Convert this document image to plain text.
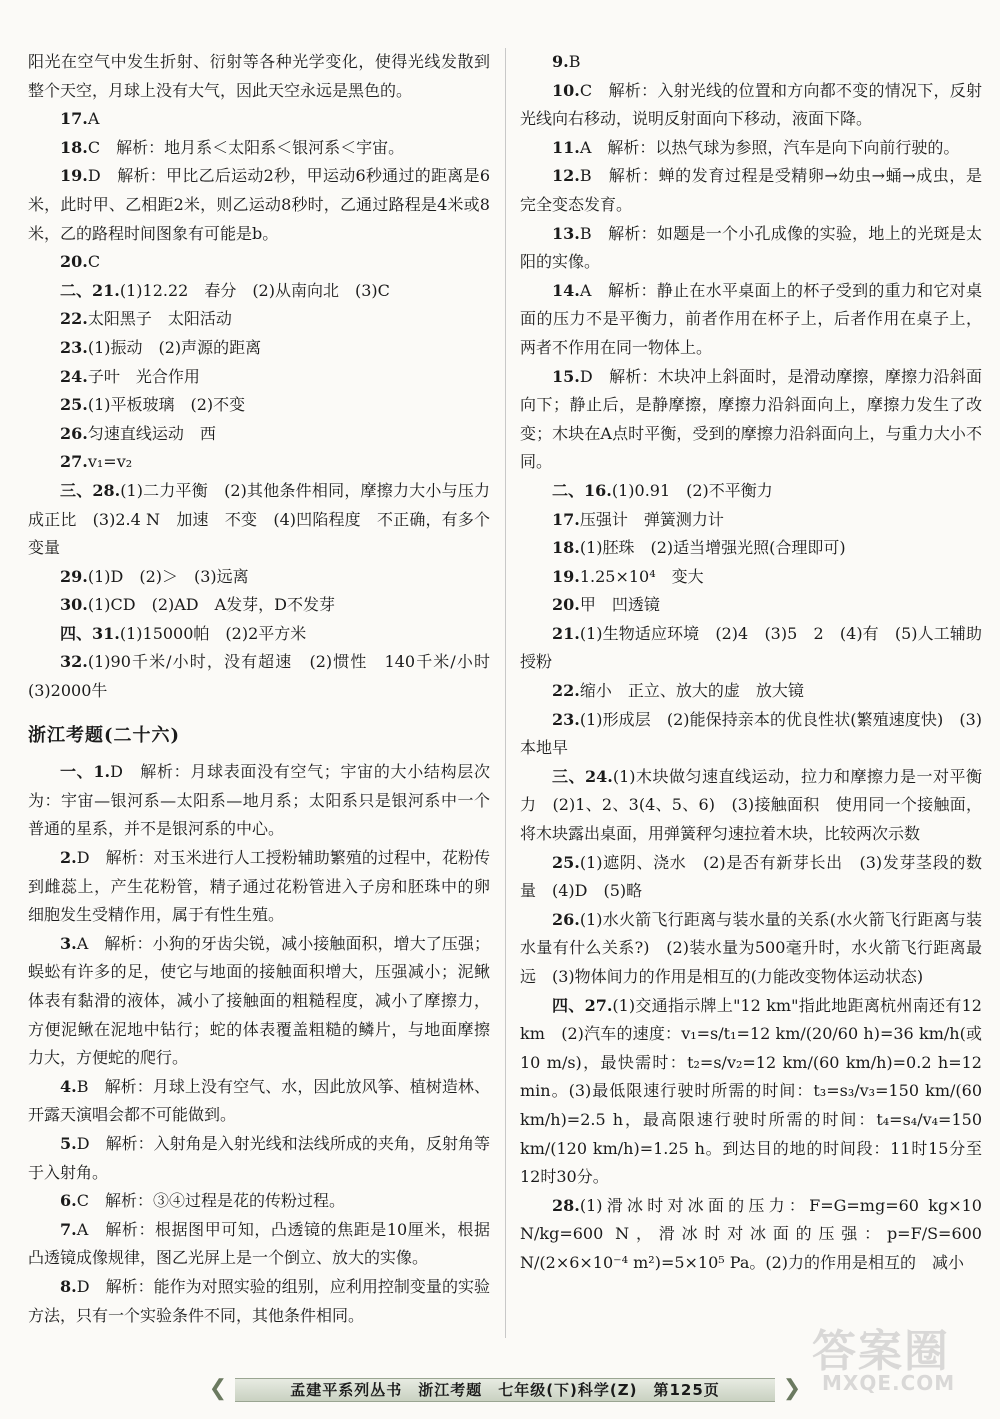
阳光在空气中发生折射、衍射等各种光学变化，使得光线发散到整个天空，月球上没有大气，因此天空永远是黑色的。

17.A

18.C　解析：地月系＜太阳系＜银河系＜宇宙。

19.D　解析：甲比乙后运动2秒，甲运动6秒通过的距离是6米，此时甲、乙相距2米，则乙运动8秒时，乙通过路程是4米或8米，乙的路程时间图象有可能是b。

20.C

二、21.(1)12.22　春分　(2)从南向北　(3)C

22.太阳黑子　太阳活动

23.(1)振动　(2)声源的距离

24.子叶　光合作用

25.(1)平板玻璃　(2)不变

26.匀速直线运动　西

27.v₁=v₂

三、28.(1)二力平衡　(2)其他条件相同，摩擦力大小与压力成正比　(3)2.4 N　加速　不变　(4)凹陷程度　不正确，有多个变量

29.(1)D　(2)＞　(3)远离

30.(1)CD　(2)AD　A发芽，D不发芽

四、31.(1)15000帕　(2)2平方米

32.(1)90千米/小时，没有超速　(2)惯性　140千米/小时　(3)2000牛

浙江考题(二十六)

一、1.D　解析：月球表面没有空气；宇宙的大小结构层次为：宇宙—银河系—太阳系—地月系；太阳系只是银河系中一个普通的星系，并不是银河系的中心。

2.D　解析：对玉米进行人工授粉辅助繁殖的过程中，花粉传到雌蕊上，产生花粉管，精子通过花粉管进入子房和胚珠中的卵细胞发生受精作用，属于有性生殖。

3.A　解析：小狗的牙齿尖锐，减小接触面积，增大了压强；蜈蚣有许多的足，使它与地面的接触面积增大，压强减小；泥鳅体表有黏滑的液体，减小了接触面的粗糙程度，减小了摩擦力，方便泥鳅在泥地中钻行；蛇的体表覆盖粗糙的鳞片，与地面摩擦力大，方便蛇的爬行。

4.B　解析：月球上没有空气、水，因此放风筝、植树造林、开露天演唱会都不可能做到。

5.D　解析：入射角是入射光线和法线所成的夹角，反射角等于入射角。

6.C　解析：③④过程是花的传粉过程。

7.A　解析：根据图甲可知，凸透镜的焦距是10厘米，根据凸透镜成像规律，图乙光屏上是一个倒立、放大的实像。

8.D　解析：能作为对照实验的组别，应利用控制变量的实验方法，只有一个实验条件不同，其他条件相同。

9.B

10.C　解析：入射光线的位置和方向都不变的情况下，反射光线向右移动，说明反射面向下移动，液面下降。

11.A　解析：以热气球为参照，汽车是向下向前行驶的。

12.B　解析：蝉的发育过程是受精卵→幼虫→蛹→成虫，是完全变态发育。

13.B　解析：如题是一个小孔成像的实验，地上的光斑是太阳的实像。

14.A　解析：静止在水平桌面上的杯子受到的重力和它对桌面的压力不是平衡力，前者作用在杯子上，后者作用在桌子上，两者不作用在同一物体上。

15.D　解析：木块冲上斜面时，是滑动摩擦，摩擦力沿斜面向下；静止后，是静摩擦，摩擦力沿斜面向上，摩擦力发生了改变；木块在A点时平衡，受到的摩擦力沿斜面向上，与重力大小不同。

二、16.(1)0.91　(2)不平衡力

17.压强计　弹簧测力计

18.(1)胚珠　(2)适当增强光照(合理即可)

19.1.25×10⁴　变大

20.甲　凹透镜

21.(1)生物适应环境　(2)4　(3)5　2　(4)有　(5)人工辅助授粉

22.缩小　正立、放大的虚　放大镜

23.(1)形成层　(2)能保持亲本的优良性状(繁殖速度快)　(3)本地早

三、24.(1)木块做匀速直线运动，拉力和摩擦力是一对平衡力　(2)1、2、3(4、5、6)　(3)接触面积　使用同一个接触面，将木块露出桌面，用弹簧秤匀速拉着木块，比较两次示数

25.(1)遮阴、浇水　(2)是否有新芽长出　(3)发芽茎段的数量　(4)D　(5)略

26.(1)水火箭飞行距离与装水量的关系(水火箭飞行距离与装水量有什么关系?)　(2)装水量为500毫升时，水火箭飞行距离最远　(3)物体间力的作用是相互的(力能改变物体运动状态)

四、27.(1)交通指示牌上"12 km"指此地距离杭州南还有12 km　(2)汽车的速度：v₁=s/t₁=12 km/(20/60 h)=36 km/h(或10 m/s)，最快需时：t₂=s/v₂=12 km/(60 km/h)=0.2 h=12 min。(3)最低限速行驶时所需的时间：t₃=s₃/v₃=150 km/(60 km/h)=2.5 h，最高限速行驶时所需的时间：t₄=s₄/v₄=150 km/(120 km/h)=1.25 h。到达目的地的时间段：11时15分至12时30分。

28.(1)滑冰时对冰面的压力：F=G=mg=60 kg×10 N/kg=600 N，滑冰时对冰面的压强：p=F/S=600 N/(2×6×10⁻⁴ m²)=5×10⁵ Pa。(2)力的作用是相互的　减小

❮	❯
孟建平系列丛书　浙江考题　七年级(下)科学(Z)　第125页
答案圈
MXQE.COM
